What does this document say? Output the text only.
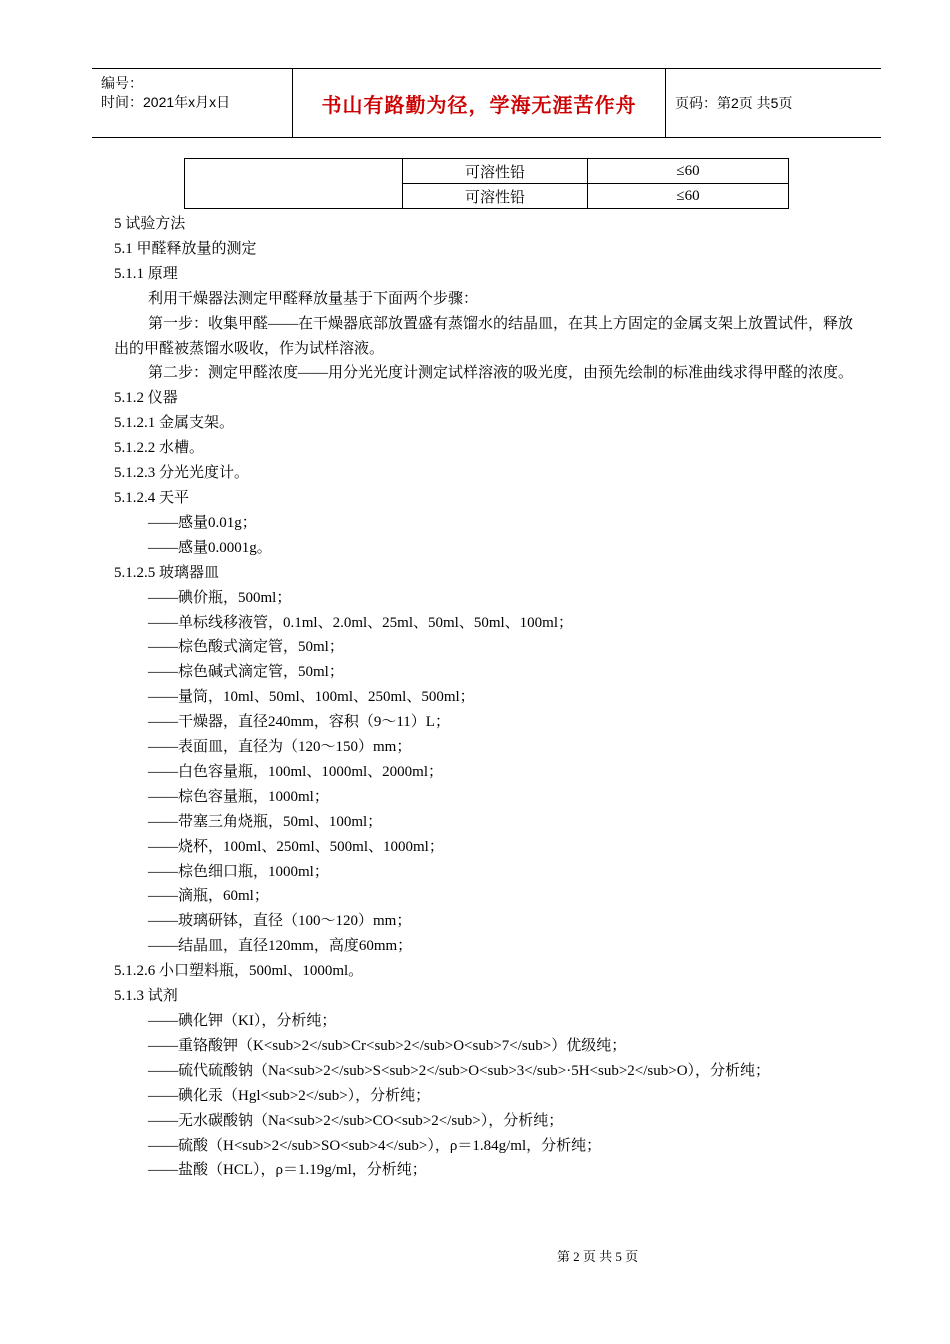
编号：
时间：2021年x月x日	书山有路勤为径，学海无涯苦作舟	页码：第2页 共5页
	可溶性铅	≤60
	可溶性铅	≤60

5 试验方法

5.1 甲醛释放量的测定

5.1.1 原理

利用干燥器法测定甲醛释放量基于下面两个步骤：

第一步：收集甲醛——在干燥器底部放置盛有蒸馏水的结晶皿，在其上方固定的金属支架上放置试件，释放出的甲醛被蒸馏水吸收，作为试样溶液。

第二步：测定甲醛浓度——用分光光度计测定试样溶液的吸光度，由预先绘制的标准曲线求得甲醛的浓度。

5.1.2 仪器

5.1.2.1 金属支架。

5.1.2.2 水槽。

5.1.2.3 分光光度计。

5.1.2.4 天平

——感量0.01g；

——感量0.0001g。

5.1.2.5 玻璃器皿

——碘价瓶，500ml；

——单标线移液管，0.1ml、2.0ml、25ml、50ml、50ml、100ml；

——棕色酸式滴定管，50ml；

——棕色碱式滴定管，50ml；

——量筒，10ml、50ml、100ml、250ml、500ml；

——干燥器，直径240mm，容积（9～11）L；

——表面皿，直径为（120～150）mm；

——白色容量瓶，100ml、1000ml、2000ml；

——棕色容量瓶，1000ml；

——带塞三角烧瓶，50ml、100ml；

——烧杯，100ml、250ml、500ml、1000ml；

——棕色细口瓶，1000ml；

——滴瓶，60ml；

——玻璃研钵，直径（100～120）mm；

——结晶皿，直径120mm，高度60mm；

5.1.2.6 小口塑料瓶，500ml、1000ml。

5.1.3 试剂

——碘化钾（KI），分析纯；

——重铬酸钾（K<sub>2</sub>Cr<sub>2</sub>O<sub>7</sub>）优级纯；

——硫代硫酸钠（Na<sub>2</sub>S<sub>2</sub>O<sub>3</sub>·5H<sub>2</sub>O），分析纯；

——碘化汞（Hgl<sub>2</sub>），分析纯；

——无水碳酸钠（Na<sub>2</sub>CO<sub>2</sub>），分析纯；

——硫酸（H<sub>2</sub>SO<sub>4</sub>），ρ＝1.84g/ml，分析纯；

——盐酸（HCL），ρ＝1.19g/ml，分析纯；

第 2 页 共 5 页
